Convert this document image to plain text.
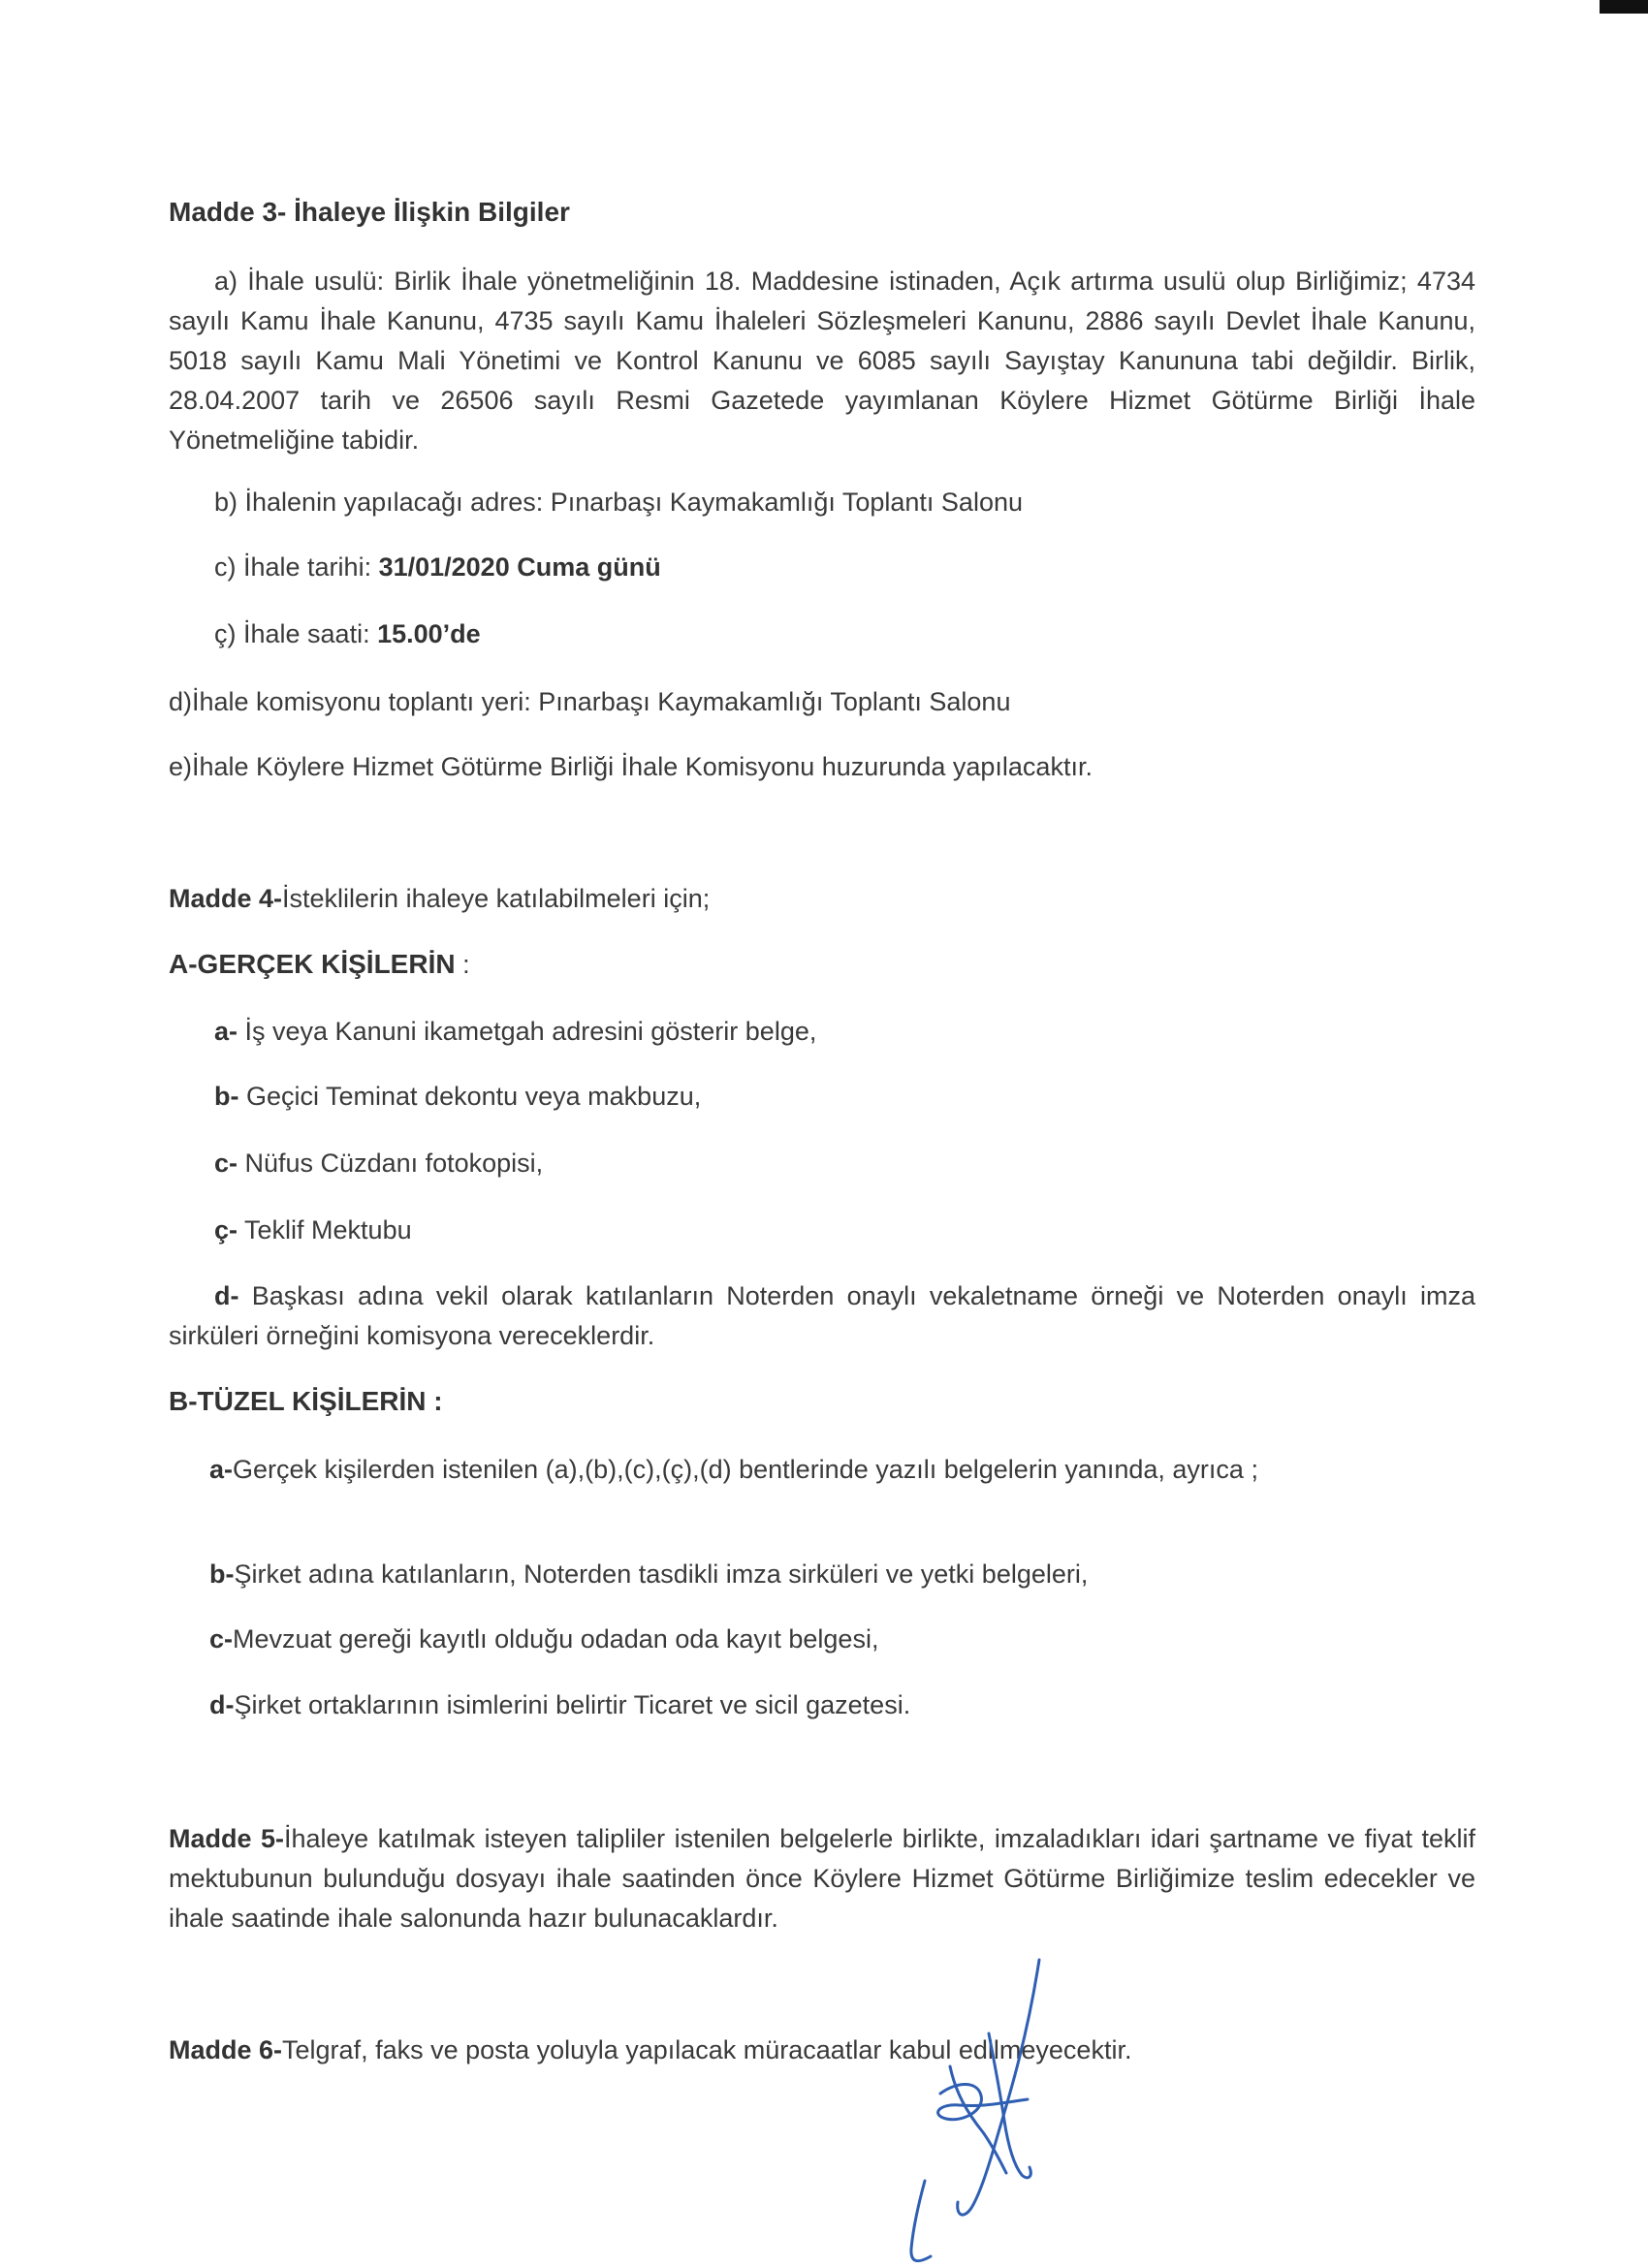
Madde 3- İhaleye İlişkin Bilgiler

a) İhale usulü: Birlik İhale yönetmeliğinin 18. Maddesine istinaden, Açık artırma usulü olup Birliğimiz; 4734 sayılı Kamu İhale Kanunu, 4735 sayılı Kamu İhaleleri Sözleşmeleri Kanunu, 2886 sayılı Devlet İhale Kanunu, 5018 sayılı Kamu Mali Yönetimi ve Kontrol Kanunu ve 6085 sayılı Sayıştay Kanununa tabi değildir. Birlik, 28.04.2007 tarih ve 26506 sayılı Resmi Gazetede yayımlanan Köylere Hizmet Götürme Birliği İhale Yönetmeliğine tabidir.

b) İhalenin yapılacağı adres: Pınarbaşı Kaymakamlığı Toplantı Salonu

c) İhale tarihi: 31/01/2020 Cuma günü

ç) İhale saati: 15.00’de

d)İhale komisyonu toplantı yeri: Pınarbaşı Kaymakamlığı Toplantı Salonu

e)İhale Köylere Hizmet Götürme Birliği İhale Komisyonu huzurunda yapılacaktır.

Madde 4-İsteklilerin ihaleye katılabilmeleri için;

A-GERÇEK KİŞİLERİN :

a- İş veya Kanuni ikametgah adresini gösterir belge,

b- Geçici Teminat dekontu veya makbuzu,

c- Nüfus Cüzdanı fotokopisi,

ç- Teklif Mektubu

d- Başkası adına vekil olarak katılanların Noterden onaylı vekaletname örneği ve Noterden onaylı imza sirküleri örneğini komisyona vereceklerdir.

B-TÜZEL KİŞİLERİN :

a-Gerçek kişilerden istenilen (a),(b),(c),(ç),(d) bentlerinde yazılı belgelerin yanında, ayrıca ;

b-Şirket adına katılanların, Noterden tasdikli imza sirküleri ve yetki belgeleri,

c-Mevzuat gereği kayıtlı olduğu odadan oda kayıt belgesi,

d-Şirket ortaklarının isimlerini belirtir Ticaret ve sicil gazetesi.

Madde 5-İhaleye katılmak isteyen talipliler istenilen belgelerle birlikte, imzaladıkları idari şartname ve fiyat teklif mektubunun bulunduğu dosyayı ihale saatinden önce Köylere Hizmet Götürme Birliğimize teslim edecekler ve ihale saatinde ihale salonunda hazır bulunacaklardır.

Madde 6-Telgraf, faks ve posta yoluyla yapılacak müracaatlar kabul edilmeyecektir.
